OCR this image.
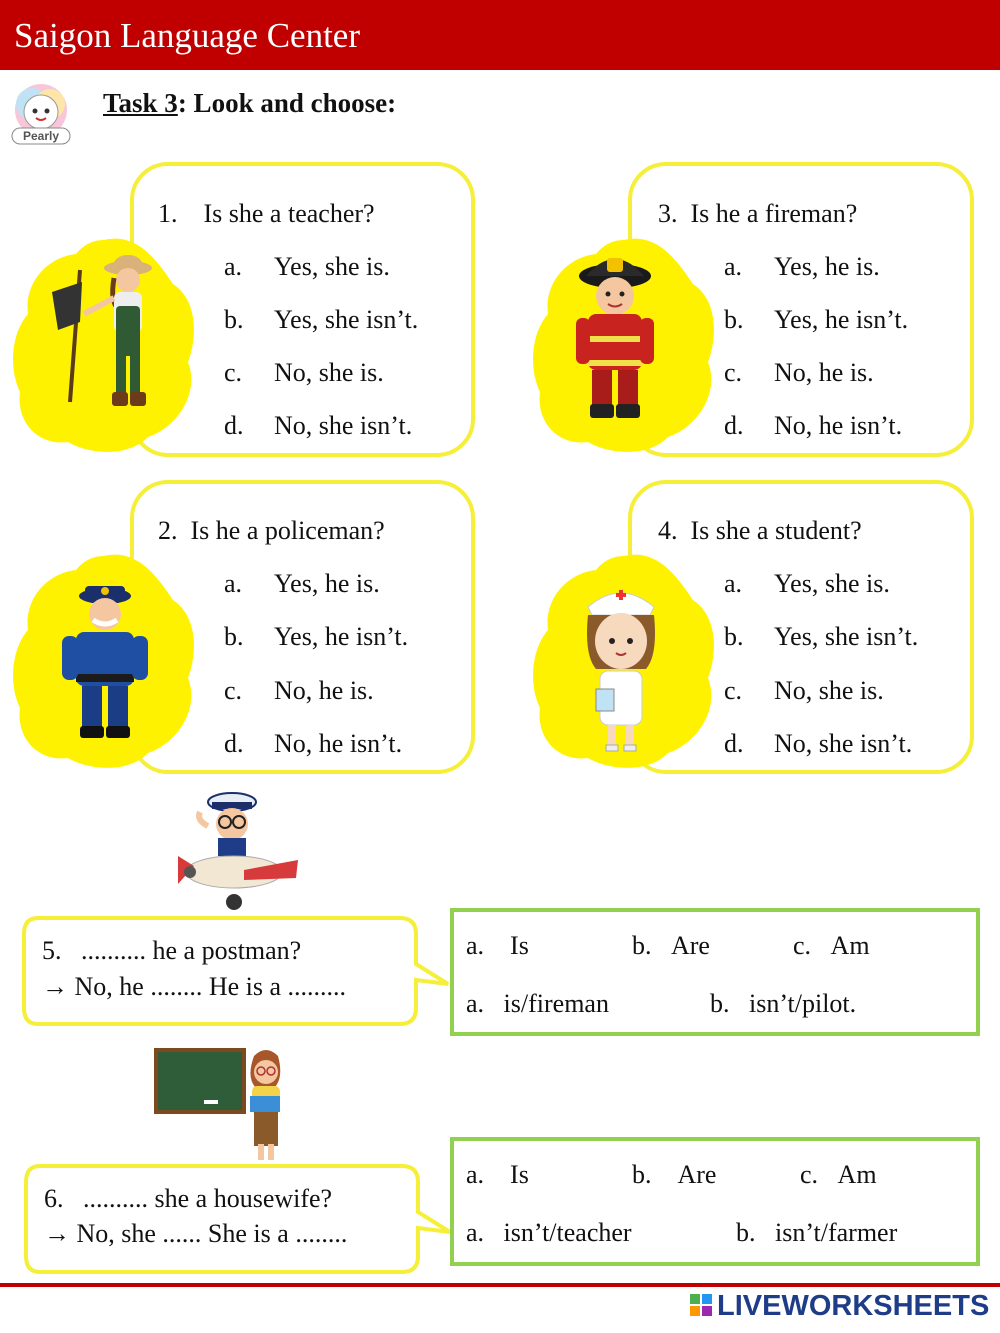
Saigon Language Center
Pearly
Task 3: Look and choose:
1. Is she a teacher?
a. Yes, she is.
b. Yes, she isn’t.
c. No, she is.
d. No, she isn’t.
3. Is he a fireman?
a. Yes, he is.
b. Yes, he isn’t.
c. No, he is.
d. No, he isn’t.
2. Is he a policeman?
a. Yes, he is.
b. Yes, he isn’t.
c. No, he is.
d. No, he isn’t.
4. Is she a student?
a. Yes, she is.
b. Yes, she isn’t.
c. No, she is.
d. No, she isn’t.
5. .......... he a postman?
→ No, he ........ He is a .........
a. Is	b. Are	c. Am
a. is/fireman	b. isn’t/pilot.
6. .......... she a housewife?
→ No, she ...... She is a ........
a. Is	b. Are	c. Am
a. isn’t/teacher	b. isn’t/farmer
LIVEWORKSHEETS
